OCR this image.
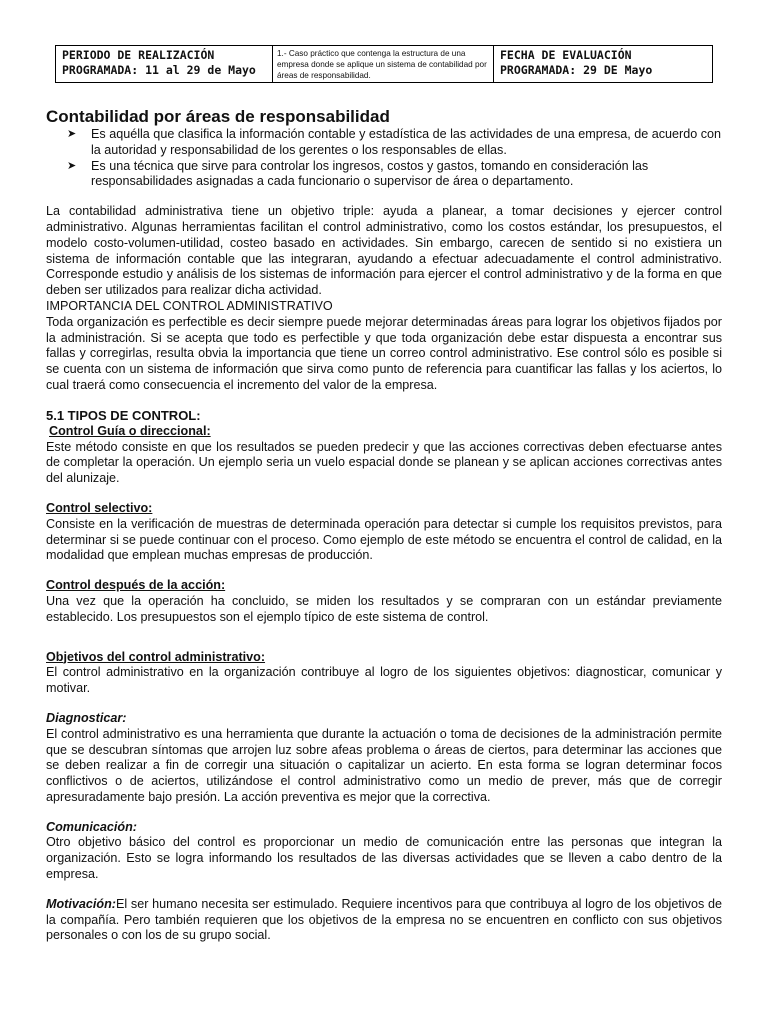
PERIODO DE REALIZACIÓN
PROGRAMADA: 11 al 29 de Mayo
1.- Caso práctico que contenga la estructura de una empresa donde se aplique un sistema de contabilidad por áreas de responsabilidad.
FECHA DE EVALUACIÓN
PROGRAMADA: 29 DE Mayo
Contabilidad por áreas de responsabilidad
➤ Es aquélla que clasifica la información contable y estadística de las actividades de una empresa, de acuerdo con la autoridad y responsabilidad de los gerentes o los responsables de ellas.
➤ Es una técnica que sirve para controlar los ingresos, costos y gastos, tomando en consideración las responsabilidades asignadas a cada funcionario o supervisor de área o departamento.

La contabilidad administrativa tiene un objetivo triple: ayuda a planear, a tomar decisiones y ejercer control administrativo. Algunas herramientas facilitan el control administrativo, como los costos estándar, los presupuestos, el modelo costo-volumen-utilidad, costeo basado en actividades. Sin embargo, carecen de sentido si no existiera un sistema de información contable que las integraran, ayudando a efectuar adecuadamente el control administrativo. Corresponde estudio y análisis de los sistemas de información para ejercer el control administrativo y de la forma en que deben ser utilizados para realizar dicha actividad.

IMPORTANCIA DEL CONTROL ADMINISTRATIVO

Toda organización es perfectible es decir siempre puede mejorar determinadas áreas para lograr los objetivos fijados por la administración. Si se acepta que todo es perfectible y que toda organización debe estar dispuesta a encontrar sus fallas y corregirlas, resulta obvia la importancia que tiene un correo control administrativo. Ese control sólo es posible si se cuenta con un sistema de información que sirva como punto de referencia para cuantificar las fallas y los aciertos, lo cual traerá como consecuencia el incremento del valor de la empresa.

5.1 TIPOS DE CONTROL:

Control Guía o direccional:

Este método consiste en que los resultados se pueden predecir y que las acciones correctivas deben efectuarse antes de completar la operación. Un ejemplo seria un vuelo espacial donde se planean y se aplican acciones correctivas antes del alunizaje.

Control selectivo:

Consiste en la verificación de muestras de determinada operación para detectar si cumple los requisitos previstos, para determinar si se puede continuar con el proceso. Como ejemplo de este método se encuentra el control de calidad, en la modalidad que emplean muchas empresas de producción.

Control después de la acción:

Una vez que la operación ha concluido, se miden los resultados y se compraran con un estándar previamente establecido. Los presupuestos son el ejemplo típico de este sistema de control.

Objetivos del control administrativo:

El control administrativo en la organización contribuye al logro de los siguientes objetivos: diagnosticar, comunicar y motivar.

Diagnosticar:

El control administrativo es una herramienta que durante la actuación o toma de decisiones de la administración permite que se descubran síntomas que arrojen luz sobre afeas problema o áreas de ciertos, para determinar las acciones que se deben realizar a fin de corregir una situación o capitalizar un acierto. En esta forma se logran determinar focos conflictivos o de aciertos, utilizándose el control administrativo como un medio de prever, más que de corregir apresuradamente bajo presión. La acción preventiva es mejor que la correctiva.

Comunicación:

Otro objetivo básico del control es proporcionar un medio de comunicación entre las personas que integran la organización. Esto se logra informando los resultados de las diversas actividades que se lleven a cabo dentro de la empresa.

Motivación:El ser humano necesita ser estimulado. Requiere incentivos para que contribuya al logro de los objetivos de la compañía. Pero también requieren que los objetivos de la empresa no se encuentren en conflicto con sus objetivos personales o con los de su grupo social.
